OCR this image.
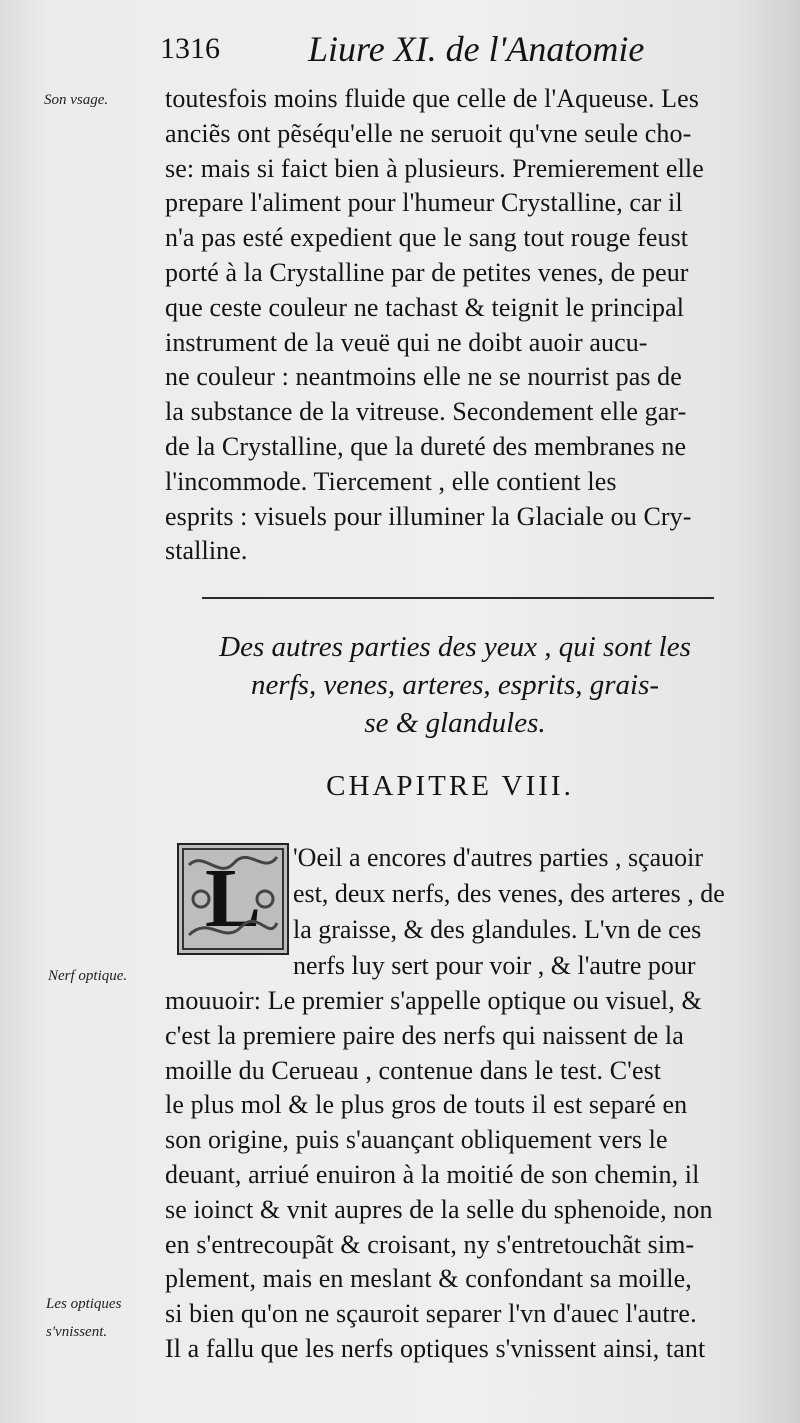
1316 Liure XI. de l'Anatomie
Son vsage. toutesfois moins fluide que celle de l'Aqueuse. Les
anciẽs ont pẽséqu'elle ne seruoit qu'vne seule cho-
se: mais si faict bien à plusieurs. Premierement elle
prepare l'aliment pour l'humeur Crystalline, car il
n'a pas esté expedient que le sang tout rouge feust
porté à la Crystalline par de petites venes, de peur
que ceste couleur ne tachast & teignit le principal
instrument de la veuë qui ne doibt auoir aucu-
ne couleur : neantmoins elle ne se nourrist pas de
la substance de la vitreuse. Secondement elle gar-
de la Crystalline, que la dureté des membranes ne
l'incommode. Tiercement , elle contient les
esprits : visuels pour illuminer la Glaciale ou Cry-
stalline.
Des autres parties des yeux , qui sont les
nerfs, venes, arteres, esprits, grais-
se & glandules.
CHAPITRE VIII.
L 'Oeil a encores d'autres parties , sçauoir
est, deux nerfs, des venes, des arteres , de
la graisse, & des glandules. L'vn de ces
nerfs luy sert pour voir , & l'autre pour
Nerf optique.
mouuoir: Le premier s'appelle optique ou visuel, &
c'est la premiere paire des nerfs qui naissent de la
moille du Cerueau , contenue dans le test. C'est
le plus mol & le plus gros de touts il est separé en
son origine, puis s'auançant obliquement vers le
deuant, arriué enuiron à la moitié de son chemin, il
se ioinct & vnit aupres de la selle du sphenoide, non
en s'entrecoupãt & croisant, ny s'entretouchãt sim-
plement, mais en meslant & confondant sa moille,
si bien qu'on ne sçauroit separer l'vn d'auec l'autre.
Il a fallu que les nerfs optiques s'vnissent ainsi, tant
Les optiques
s'vnissent.
